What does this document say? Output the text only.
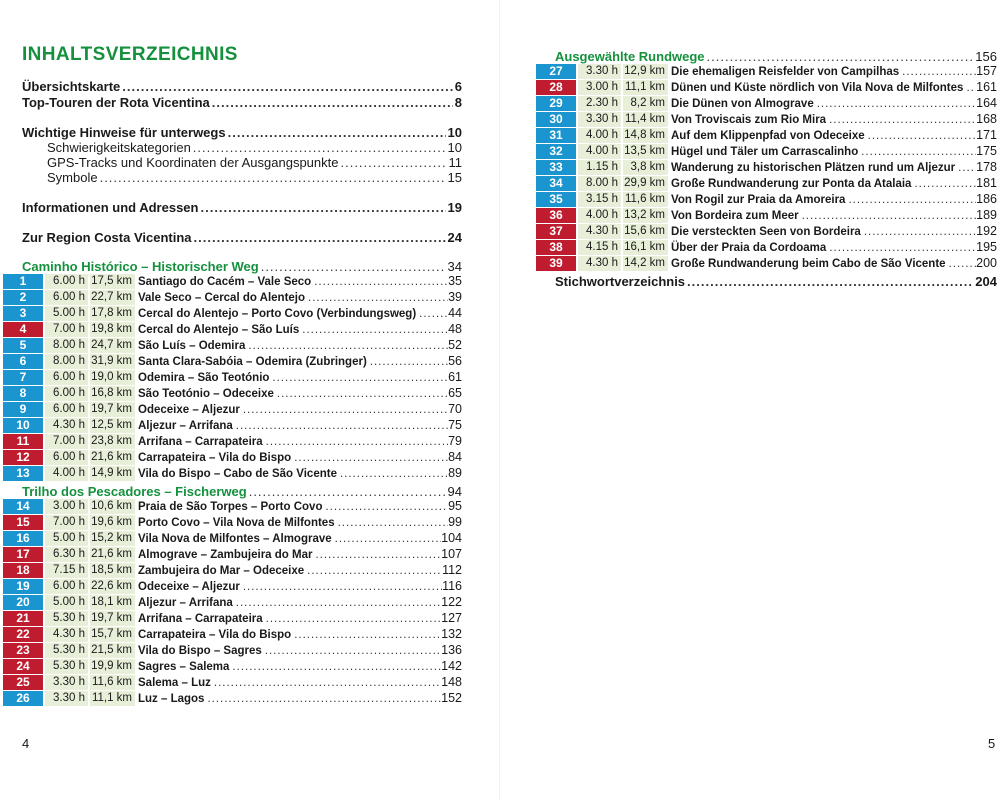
INHALTSVERZEICHNIS
Übersichtskarte .....	6
Top-Touren der Rota Vicentina .....	8
Wichtige Hinweise für unterwegs .....	10
Schwierigkeitskategorien .....	10
GPS-Tracks und Koordinaten der Ausgangspunkte .....	11
Symbole .....	15
Informationen und Adressen .....	19
Zur Region Costa Vicentina .....	24
Caminho Histórico – Historischer Weg .....	34
1	6.00 h 17,5 km Santiago do Cacém – Vale Seco .....	35
2	6.00 h 22,7 km Vale Seco – Cercal do Alentejo .....	39
3	5.00 h 17,8 km Cercal do Alentejo – Porto Covo (Verbindungsweg) .....	44
4	7.00 h 19,8 km Cercal do Alentejo – São Luís .....	48
5	8.00 h 24,7 km São Luís – Odemira .....	52
6	8.00 h 31,9 km Santa Clara-Sabóia – Odemira (Zubringer) .....	56
7	6.00 h 19,0 km Odemira – São Teotónio .....	61
8	6.00 h 16,8 km São Teotónio – Odeceixe .....	65
9	6.00 h 19,7 km Odeceixe – Aljezur .....	70
10	4.30 h 12,5 km Aljezur – Arrifana .....	75
11	7.00 h 23,8 km Arrifana – Carrapateira .....	79
12	6.00 h 21,6 km Carrapateira – Vila do Bispo .....	84
13	4.00 h 14,9 km Vila do Bispo – Cabo de São Vicente .....	89
Trilho dos Pescadores – Fischerweg .....	94
14	3.00 h 10,6 km Praia de São Torpes – Porto Covo .....	95
15	7.00 h 19,6 km Porto Covo – Vila Nova de Milfontes .....	99
16	5.00 h 15,2 km Vila Nova de Milfontes – Almograve .....	104
17	6.30 h 21,6 km Almograve – Zambujeira do Mar .....	107
18	7.15 h 18,5 km Zambujeira do Mar – Odeceixe .....	112
19	6.00 h 22,6 km Odeceixe – Aljezur .....	116
20	5.00 h 18,1 km Aljezur – Arrifana .....	122
21	5.30 h 19,7 km Arrifana – Carrapateira .....	127
22	4.30 h 15,7 km Carrapateira – Vila do Bispo .....	132
23	5.30 h 21,5 km Vila do Bispo – Sagres .....	136
24	5.30 h 19,9 km Sagres – Salema .....	142
25	3.30 h 11,6 km Salema – Luz .....	148
26	3.30 h 11,1 km Luz – Lagos .....	152
4
Ausgewählte Rundwege .....	156
27	3.30 h 12,9 km Die ehemaligen Reisfelder von Campilhas .....	157
28	3.00 h 11,1 km Dünen und Küste nördlich von Vila Nova de Milfontes ..... 161
29	2.30 h	8,2 km Die Dünen von Almograve .....	164
30	3.30 h 11,4 km Von Troviscais zum Rio Mira .....	168
31	4.00 h 14,8 km Auf dem Klippenpfad von Odeceixe .....	171
32	4.00 h 13,5 km Hügel und Täler um Carrascalinho .....	175
33	1.15 h	3,8 km Wanderung zu historischen Plätzen rund um Aljezur ..... 178
34	8.00 h 29,9 km Große Rundwanderung zur Ponta da Atalaia .....	181
35	3.15 h 11,6 km Von Rogil zur Praia da Amoreira .....	186
36	4.00 h 13,2 km Von Bordeira zum Meer .....	189
37	4.30 h 15,6 km Die versteckten Seen von Bordeira .....	192
38	4.15 h 16,1 km Über der Praia da Cordoama .....	195
39	4.30 h 14,2 km Große Rundwanderung beim Cabo de São Vicente ..... 200
Stichwortverzeichnis .....	204
5
